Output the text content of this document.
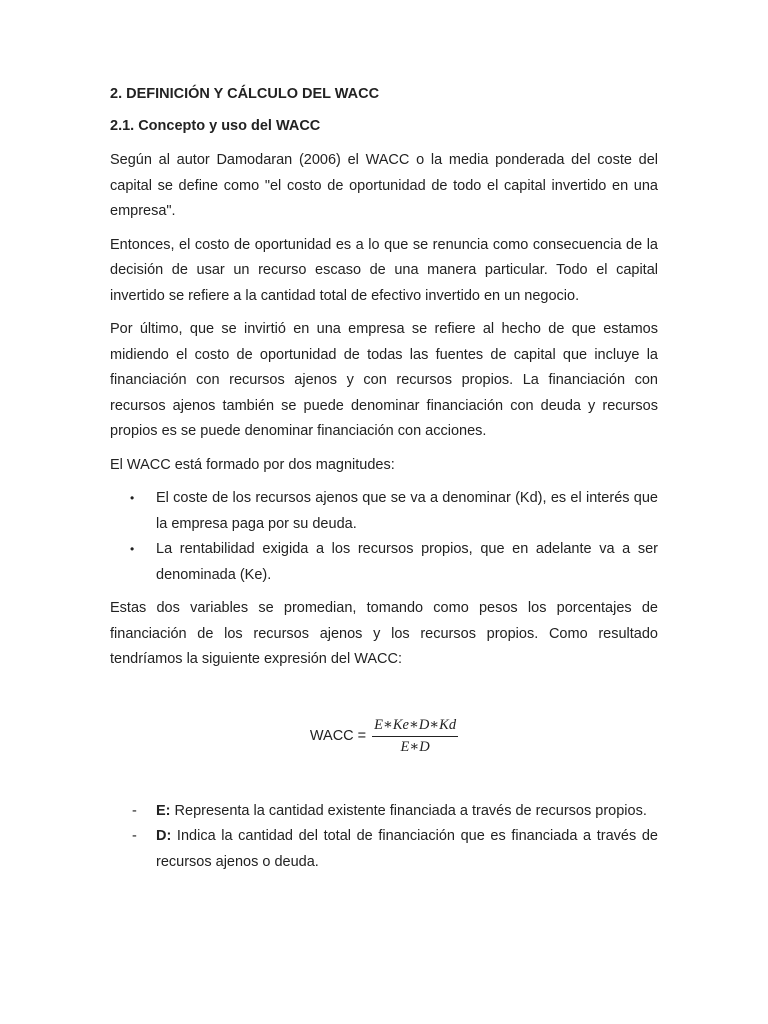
2. DEFINICIÓN Y CÁLCULO DEL WACC
2.1. Concepto y uso del WACC

Según al autor Damodaran (2006) el WACC o la media ponderada del coste del capital se define como "el costo de oportunidad de todo el capital invertido en una empresa".

Entonces, el costo de oportunidad es a lo que se renuncia como consecuencia de la decisión de usar un recurso escaso de una manera particular. Todo el capital invertido se refiere a la cantidad total de efectivo invertido en un negocio.

Por último, que se invirtió en una empresa se refiere al hecho de que estamos midiendo el costo de oportunidad de todas las fuentes de capital que incluye la financiación con recursos ajenos y con recursos propios. La financiación con recursos ajenos también se puede denominar financiación con deuda y recursos propios es se puede denominar financiación con acciones.

El WACC está formado por dos magnitudes:

• El coste de los recursos ajenos que se va a denominar (Kd), es el interés que la empresa paga por su deuda.
• La rentabilidad exigida a los recursos propios, que en adelante va a ser denominada (Ke).

Estas dos variables se promedian, tomando como pesos los porcentajes de financiación de los recursos ajenos y los recursos propios. Como resultado tendríamos la siguiente expresión del WACC:

WACC = $\frac{E∗Ke∗D∗Kd}{E∗D}$
- E: Representa la cantidad existente financiada a través de recursos propios.
- D: Indica la cantidad del total de financiación que es financiada a través de recursos ajenos o deuda.
